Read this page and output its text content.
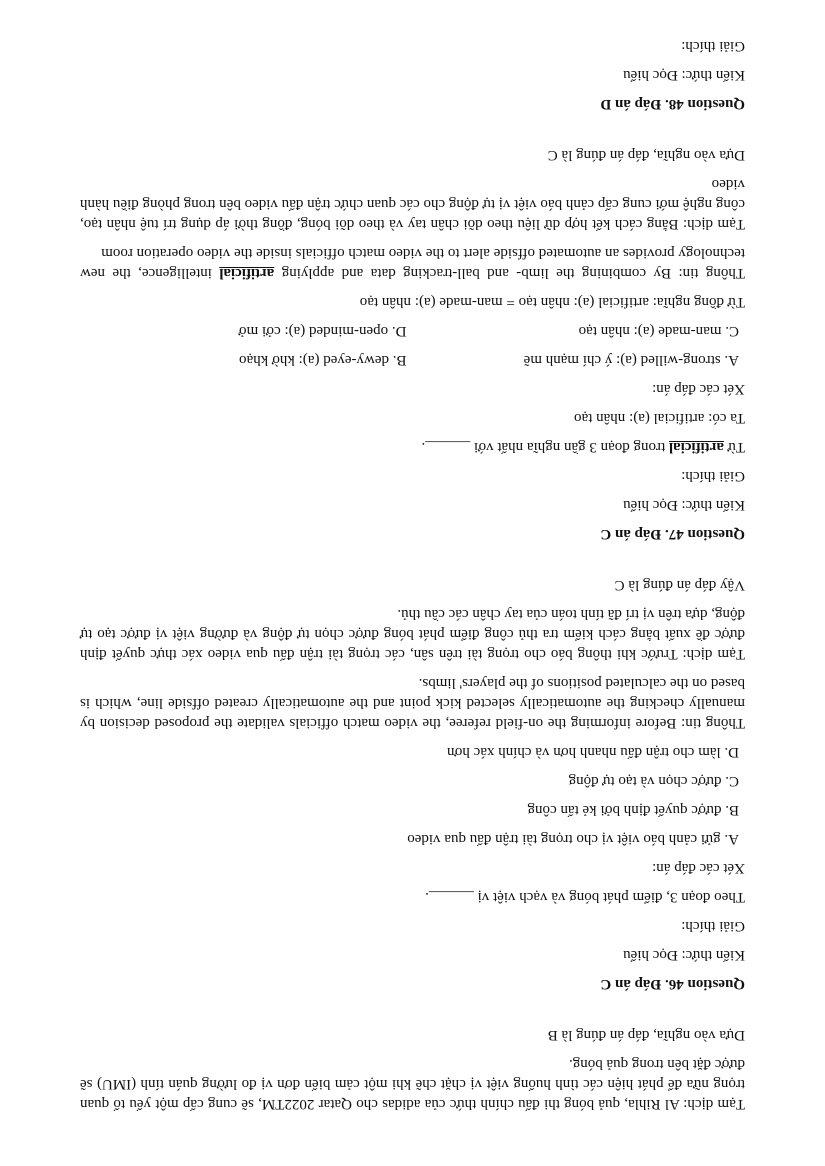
Tạm dịch: Al Rihla, quả bóng thi đấu chính thức của adidas cho Qatar 2022TM, sẽ cung cấp một yếu tố quan trọng nữa để phát hiện các tình huống việt vị chặt chẽ khi một cảm biến đơn vị đo lường quán tính (IMU) sẽ được đặt bên trong quả bóng.

Dựa vào nghĩa, đáp án đúng là B

Question 46. Đáp án C

Kiến thức: Đọc hiểu

Giải thích:

Theo đoạn 3, điểm phát bóng và vạch việt vị ______.

Xét các đáp án:

A. gửi cảnh báo việt vị cho trọng tài trận đấu qua video

B. được quyết định bởi kẻ tấn công

C. được chọn và tạo tự động

D. làm cho trận đấu nhanh hơn và chính xác hơn

Thông tin: Before informing the on-field referee, the video match officials validate the proposed decision by manually checking the automatically selected kick point and the automatically created offside line, which is based on the calculated positions of the players' limbs.

Tạm dịch: Trước khi thông báo cho trọng tài trên sân, các trọng tài trận đấu qua video xác thực quyết định được đề xuất bằng cách kiểm tra thủ công điểm phát bóng được chọn tự động và đường việt vị được tạo tự động, dựa trên vị trí đã tính toán của tay chân các cầu thủ.

Vậy đáp án đúng là C

Question 47. Đáp án C

Kiến thức: Đọc hiểu

Giải thích:

Từ artificial trong đoạn 3 gần nghĩa nhất với ______.

Ta có: artificial (a): nhân tạo

Xét các đáp án:

A. strong-willed (a): ý chí mạnh mẽ
B. dewy-eyed (a): khờ khạo
C. man-made (a): nhân tạo
D. open-minded (a): cởi mở

Từ đồng nghĩa: artificial (a): nhân tạo = man-made (a): nhân tạo

Thông tin: By combining the limb- and ball-tracking data and applying artificial intelligence, the new technology provides an automated offside alert to the video match officials inside the video operation room

Tạm dịch: Bằng cách kết hợp dữ liệu theo dõi chân tay và theo dõi bóng, đồng thời áp dụng trí tuệ nhân tạo, công nghệ mới cung cấp cảnh báo việt vị tự động cho các quan chức trận đấu video bên trong phòng điều hành video

Dựa vào nghĩa, đáp án đúng là C

Question 48. Đáp án D

Kiến thức: Đọc hiểu

Giải thích:
